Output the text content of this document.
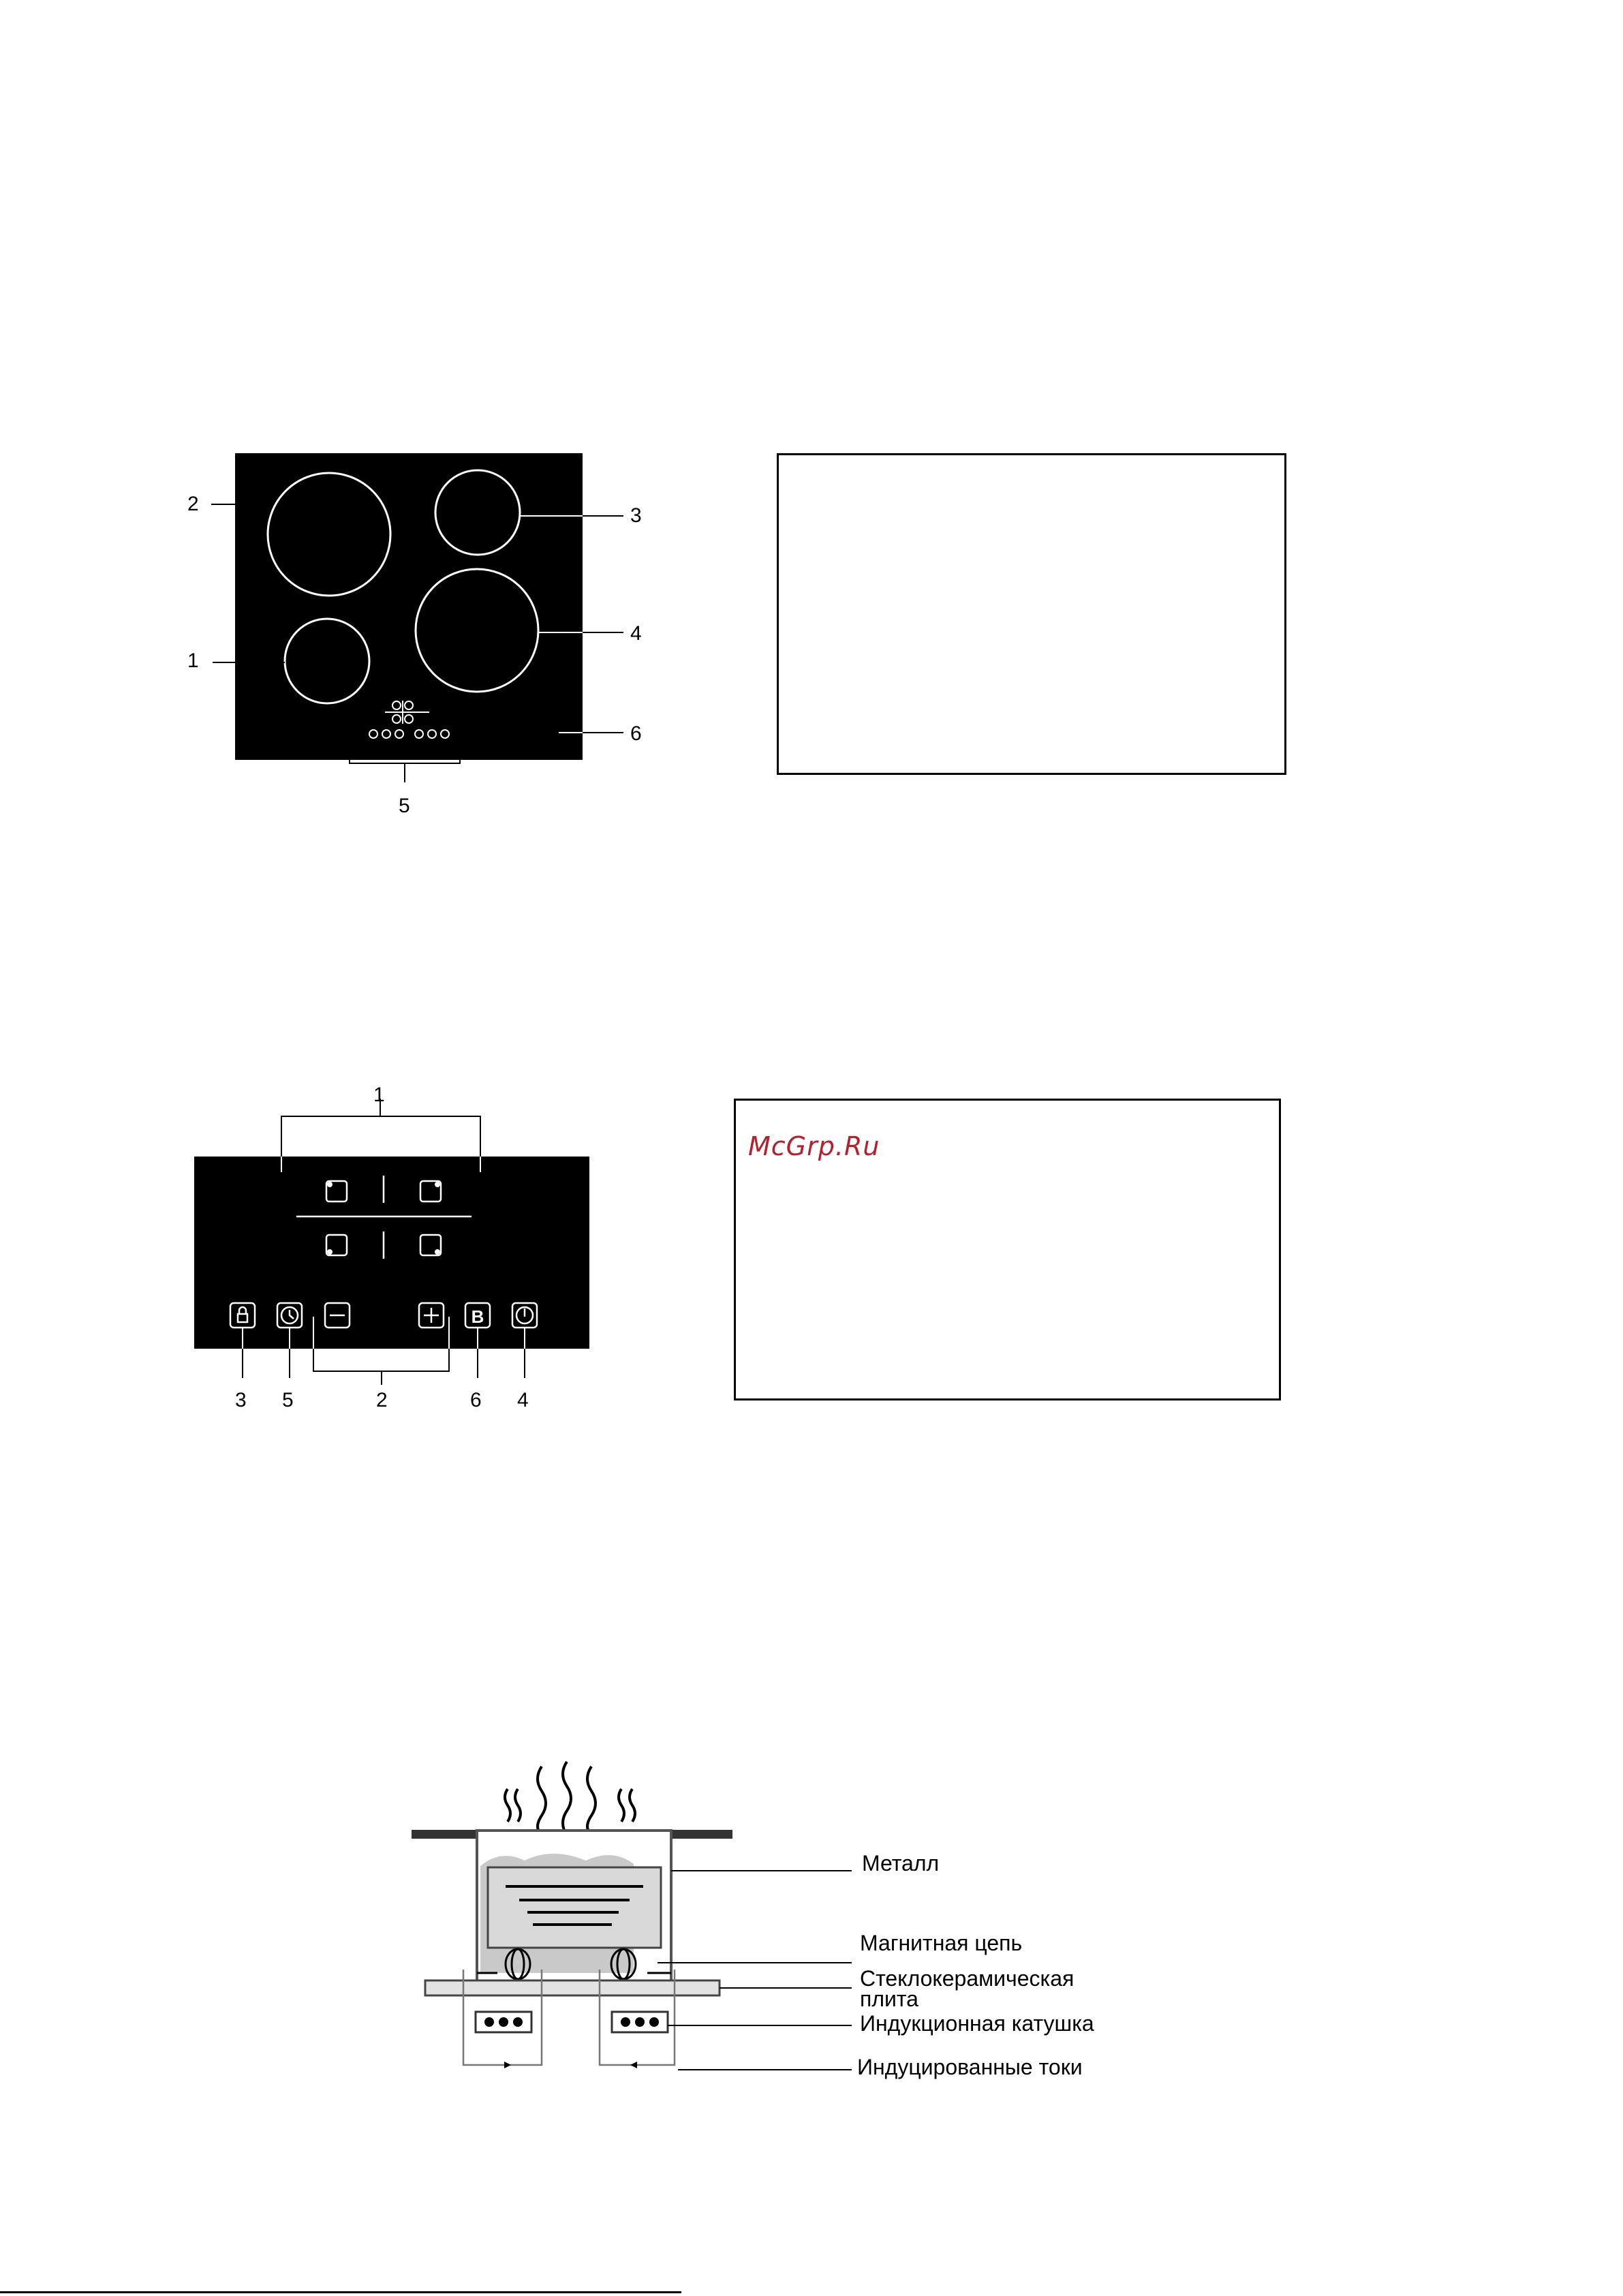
1
2
3
4
5
6
B
1
2
3	4
5	6
McGrp.Ru
Металл
Магнитная цепь
Стеклокерамическая
плита
Индукционная катушка
Индуцированные токи
